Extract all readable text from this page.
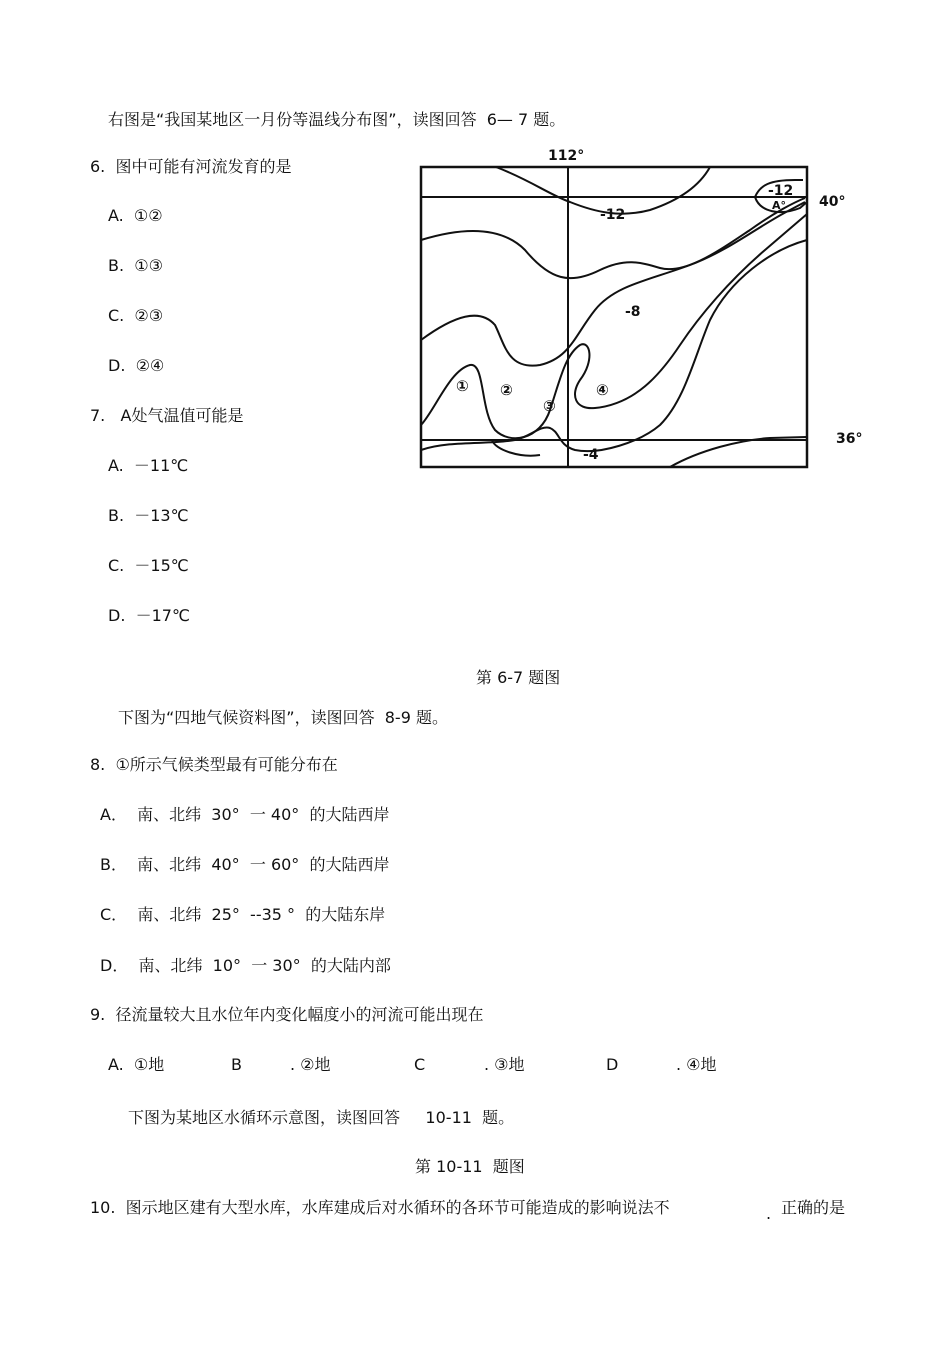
右图是“我国某地区一月份等温线分布图”，读图回答  6— 7 题。
6.  图中可能有河流发育的是
A.  ①②
B.  ①③
C.  ②③
D.  ②④
7.   A处气温值可能是
A.  －11℃
B.  －13℃
C.  －15℃
D.  －17℃
-12
-12
-8
-4
A°
112°
40°
36°
① ②
③
④
第 6-7 题图
下图为“四地气候资料图”，读图回答  8-9 题。
8.  ①所示气候类型最有可能分布在
A．  南、北纬  30°  一 40°  的大陆西岸
B．  南、北纬  40°  一 60°  的大陆西岸
C．  南、北纬  25°  --35 °  的大陆东岸
D．  南、北纬  10°  一 30°  的大陆内部
9.  径流量较大且水位年内变化幅度小的河流可能出现在
A.  ①地	B	. ②地	C	. ③地	D	. ④地
下图为某地区水循环示意图，读图回答     10-11  题。
第 10-11  题图
10.  图示地区建有大型水库，水库建成后对水循环的各环节可能造成的影响说法不	. 正确的是
